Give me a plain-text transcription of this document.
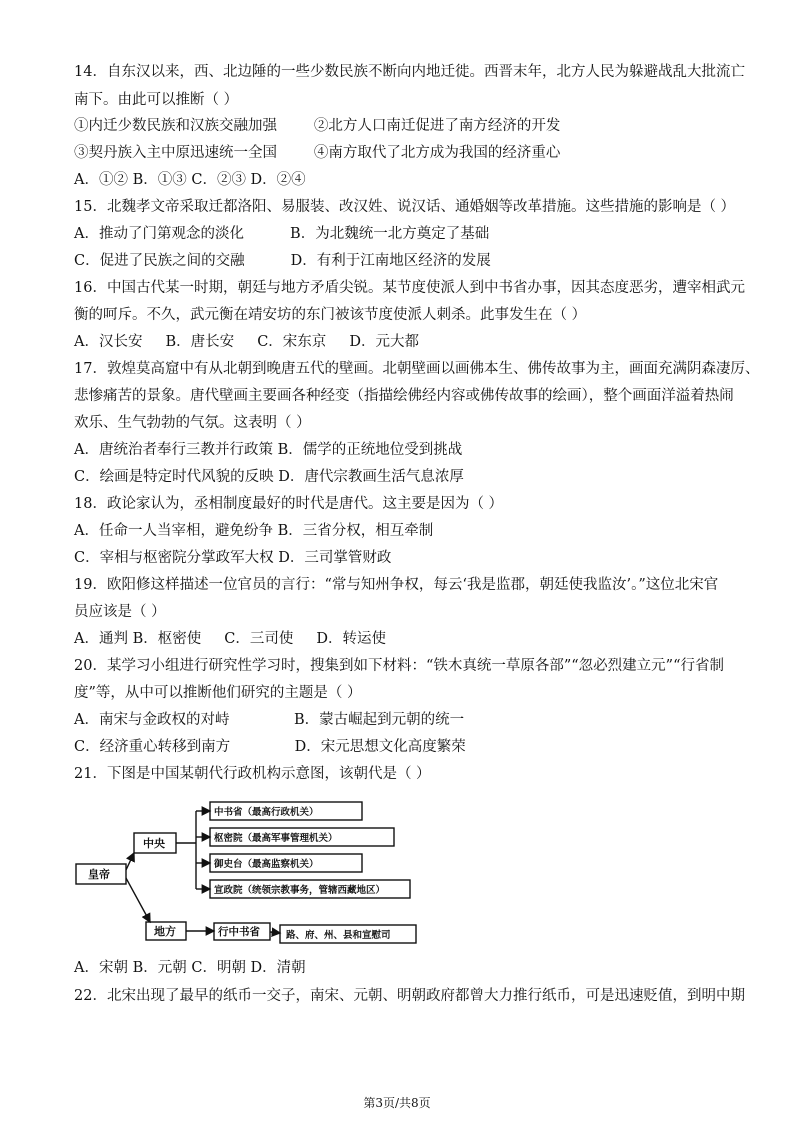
14．自东汉以来，西、北边陲的一些少数民族不断向内地迁徙。西晋末年，北方人民为躲避战乱大批流亡
南下。由此可以推断（ ）
①内迁少数民族和汉族交融加强        ②北方人口南迁促进了南方经济的开发
③契丹族入主中原迅速统一全国        ④南方取代了北方成为我国的经济重心
A．①② B．①③ C．②③ D．②④
15．北魏孝文帝采取迁都洛阳、易服装、改汉姓、说汉话、通婚姻等改革措施。这些措施的影响是（ ）
A．推动了门第观念的淡化          B．为北魏统一北方奠定了基础
C．促进了民族之间的交融          D．有利于江南地区经济的发展
16．中国古代某一时期，朝廷与地方矛盾尖锐。某节度使派人到中书省办事，因其态度恶劣，遭宰相武元
衡的呵斥。不久，武元衡在靖安坊的东门被该节度使派人刺杀。此事发生在（ ）
A．汉长安     B．唐长安     C．宋东京     D．元大都
17．敦煌莫高窟中有从北朝到晚唐五代的壁画。北朝壁画以画佛本生、佛传故事为主，画面充满阴森凄厉、
悲惨痛苦的景象。唐代壁画主要画各种经变（指描绘佛经内容或佛传故事的绘画），整个画面洋溢着热闹
欢乐、生气勃勃的气氛。这表明（ ）
A．唐统治者奉行三教并行政策 B．儒学的正统地位受到挑战
C．绘画是特定时代风貌的反映 D．唐代宗教画生活气息浓厚
18．政论家认为，丞相制度最好的时代是唐代。这主要是因为（ ）
A．任命一人当宰相，避免纷争 B．三省分权，相互牵制
C．宰相与枢密院分掌政军大权 D．三司掌管财政
19．欧阳修这样描述一位官员的言行：“常与知州争权，每云‘我是监郡，朝廷使我监汝’。”这位北宋官
员应该是（ ）
A．通判 B．枢密使     C．三司使     D．转运使
20．某学习小组进行研究性学习时，搜集到如下材料：“铁木真统一草原各部”“忽必烈建立元”“行省制
度”等，从中可以推断他们研究的主题是（ ）
A．南宋与金政权的对峙              B．蒙古崛起到元朝的统一
C．经济重心转移到南方              D．宋元思想文化高度繁荣
21．下图是中国某朝代行政机构示意图，该朝代是（ ）
皇帝
中央
地方	行中书省
中书省（最高行政机关）
枢密院（最高军事管理机关）
御史台（最高监察机关）
宣政院（统领宗教事务，管辖西藏地区）
路、府、州、县和宣慰司
A．宋朝 B．元朝 C．明朝 D．清朝
22．北宋出现了最早的纸币一交子，南宋、元朝、明朝政府都曾大力推行纸币，可是迅速贬值，到明中期
第3页/共8页
